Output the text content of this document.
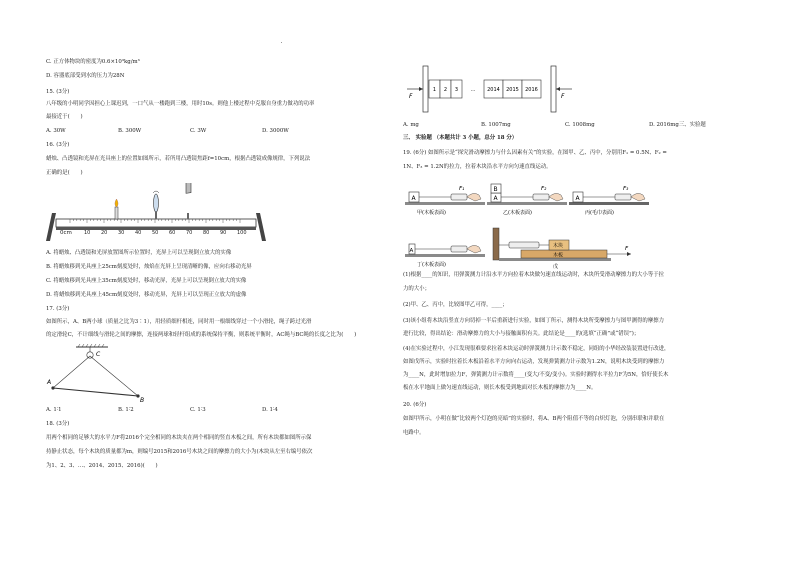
C. 正方体物块的密度为0.6×10³kg/m³
D. 容器底部受到水的压力为28N
15. (3分)
八年级的小明同学因担心上课迟到，一口气从一楼跑到三楼，用时10s。则他上楼过程中克服自身重力做功的功率
最接近于(　　)
A. 30W	B. 300W	C. 3W	D. 3000W
16. (3分)
蜡烛、凸透镜和光屏在光具座上的位置如图所示，若所用凸透镜焦距f=10cm，根据凸透镜成像规律，下列说法
正确的是(　　)
10 20 30 40 50 60 70 80 90 100
0cm
A. 将蜡烛、凸透镜和光屏放置图所示位置时，光屏上可以呈现倒立放大的实像
B. 将蜡烛移到光具座上25cm刻度处时，烛焰在光屏上呈现清晰的像，应向右移动光屏
C. 将蜡烛移到光具座上35cm刻度处时，移动光屏，光屏上可以呈现倒立放大的实像
D. 将蜡烛移到光具座上45cm刻度处时，移动光屏，光屏上可以呈现正立放大的虚像
17. (3分)
如图所示，A、B两小球（质量之比为3∶1），用轻质细杆相连，同时用一根细线穿过一个小滑轮，绳子跨过光滑
的定滑轮C，不计细线与滑轮之间的摩擦，连接两球和轻杆组成的系统保持平衡，则系统平衡时，AC绳与BC绳的长度之比为(　　)
A
B
C
A. 1∶1	B. 1∶2	C. 1∶3	D. 1∶4
18. (3分)
用两个相同的足够大的水平力F将2016个完全相同的木块夹在两个相同的竖直木板之间，所有木块都如图所示保
持静止状态，每个木块的质量都为m，则编号2015和2016号木块之间的摩擦力的大小为(木块从左至右编号依次
为1、2、3、…、2014、2015、2016)(　　)
1 2 3 … 2014 2015 2016
F	F
A. mg	B. 1007mg	C. 1008mg	D. 2016mg三、实验题
三、 实验题 （本题共计 3 小题，总分 18 分）
19. (6分) 如图所示是“探究滑动摩擦力与什么因素有关”的实验，在图甲、乙、丙中，分别用F₁ = 0.5N、F₂ =
1N、F₃ = 1.2N的拉力，拉着木块沿水平方向匀速直线运动。
A
F₁
甲(木板表面)
A
B	F₂
乙(木板表面)
A
F₃
丙(毛巾表面)
A
丁(木板表面)
木板
木块	F
戊
(1)根据____的知识，用弹簧测力计沿水平方向拉着木块做匀速直线运动时，木块所受滑动摩擦力的大小等于拉
力的大小；
(2)甲、乙、丙中，比较图甲乙可得，____；
(3)该小组将木块沿竖直方向切掉一半后重新进行实验，如图丁所示，测得木块所受摩擦力与图甲测得的摩擦力
进行比较，得出结论：滑动摩擦力的大小与接触面积有关。此结论是____的(选填“正确”或“错误”)；
(4)在实验过程中，小江发现很难要求拉着木块运动时弹簧测力计示数不稳定，同组的小华经改装装置进行改进，
如图戊所示，实验时拉着长木板沿着水平方向向右运动，发现弹簧测力计示数为1.2N，说明木块受到的摩擦力
为____N，此时增加拉力F，弹簧测力计示数将____(变大/不变/变小)。实验时测得水平拉力F为5N，恰好使长木
板在水平地面上做匀速直线运动，则长木板受到地面对长木板的摩擦力为____N。
20. (6分)
如图甲所示，小明在做“比较两个灯泡的亮暗”的实验时，将A、B两个阻值不等的白炽灯泡，分别串联和并联在
电路中。
